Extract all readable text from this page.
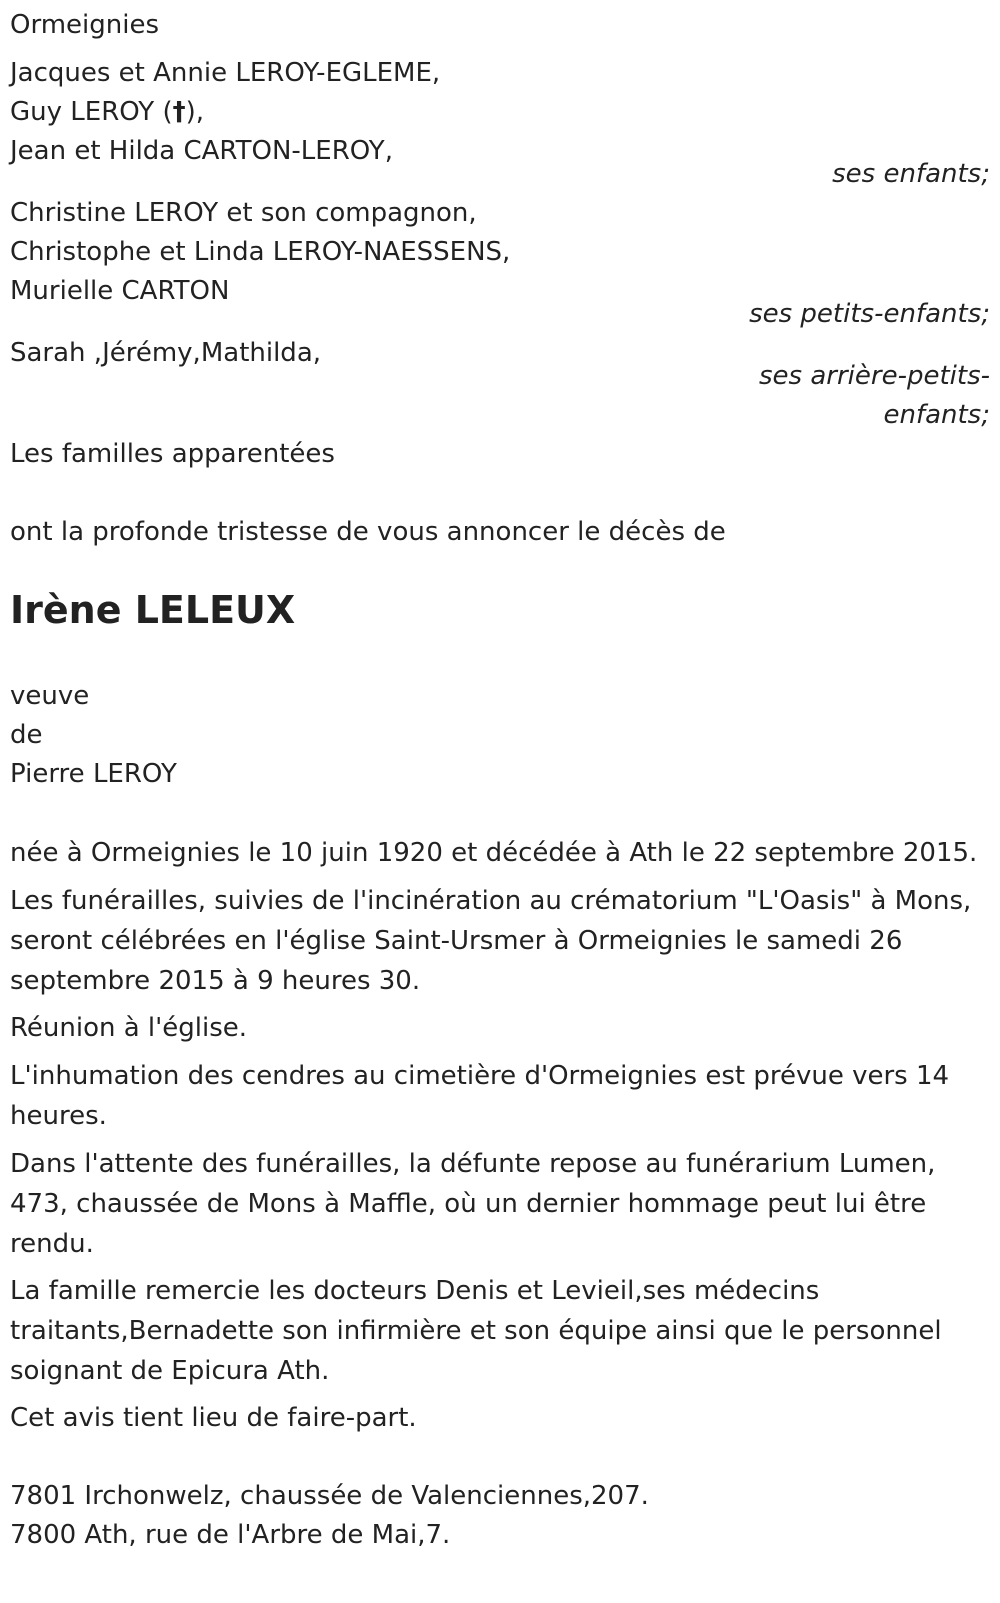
Ormeignies
Jacques et Annie LEROY-EGLEME,
Guy LEROY (†),
Jean et Hilda CARTON-LEROY,
ses enfants;
Christine LEROY et son compagnon,
Christophe et Linda LEROY-NAESSENS,
Murielle CARTON
ses petits-enfants;
Sarah ,Jérémy,Mathilda,
ses arrière-petits-
enfants;
Les familles apparentées
ont la profonde tristesse de vous annoncer le décès de
Irène LELEUX
veuve
de
Pierre LEROY
née à Ormeignies le 10 juin 1920 et décédée à Ath le 22 septembre 2015.
Les funérailles, suivies de l'incinération au crématorium "L'Oasis" à Mons, seront célébrées en l'église Saint-Ursmer à Ormeignies le samedi 26 septembre 2015 à 9 heures 30.
Réunion à l'église.
L'inhumation des cendres au cimetière d'Ormeignies est prévue vers 14 heures.
Dans l'attente des funérailles, la défunte repose au funérarium Lumen, 473, chaussée de Mons à Maffle, où un dernier hommage peut lui être rendu.
La famille remercie les docteurs Denis et Levieil,ses médecins traitants,Bernadette son infirmière et son équipe ainsi que le personnel soignant de Epicura Ath.
Cet avis tient lieu de faire-part.
7801 Irchonwelz, chaussée de Valenciennes,207.
7800 Ath, rue de l'Arbre de Mai,7.
